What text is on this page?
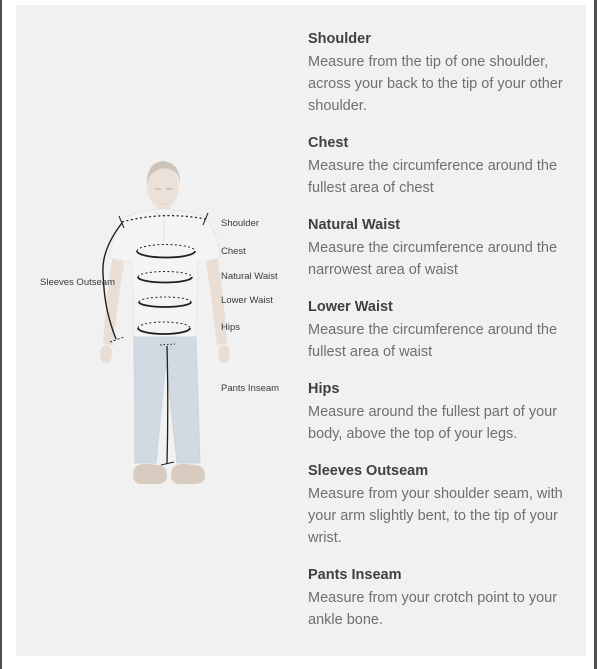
Shoulder
Chest
Natural Waist
Lower Waist
Hips
Pants Inseam
Sleeves Outseam
Shoulder

Measure from the tip of one shoulder, across your back to the tip of your other shoulder.

Chest

Measure the circumference around the fullest area of chest

Natural Waist

Measure the circumference around the narrowest area of waist

Lower Waist

Measure the circumference around the fullest area of waist

Hips

Measure around the fullest part of your body, above the top of your legs.

Sleeves Outseam

Measure from your shoulder seam, with your arm slightly bent, to the tip of your wrist.

Pants Inseam

Measure from your crotch point to your ankle bone.
